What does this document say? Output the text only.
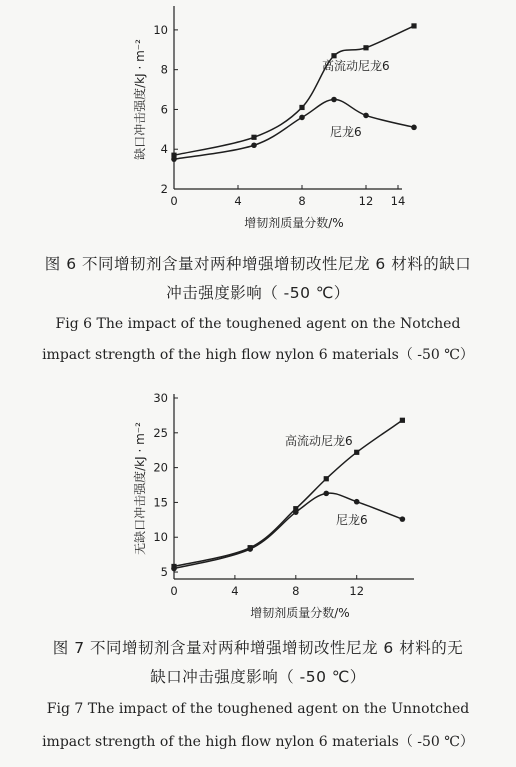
2
4
6
8
10
0	4	8	12 14
增韧剂质量分数/%
缺口冲击强度/kJ · m⁻²	高流动尼龙6
尼龙6
图 6 不同增韧剂含量对两种增强增韧改性尼龙 6 材料的缺口
冲击强度影响（ -50 ℃）
Fig 6 The impact of the toughened agent on the Notched
impact strength of the high flow nylon 6 materials（ -50 ℃）
5
10
15
20
25
30
0	4	8	12
增韧剂质量分数/%
无缺口冲击强度/kJ · m⁻²	高流动尼龙6
尼龙6
图 7 不同增韧剂含量对两种增强增韧改性尼龙 6 材料的无
缺口冲击强度影响（ -50 ℃）
Fig 7 The impact of the toughened agent on the Unnotched
impact strength of the high flow nylon 6 materials（ -50 ℃）
